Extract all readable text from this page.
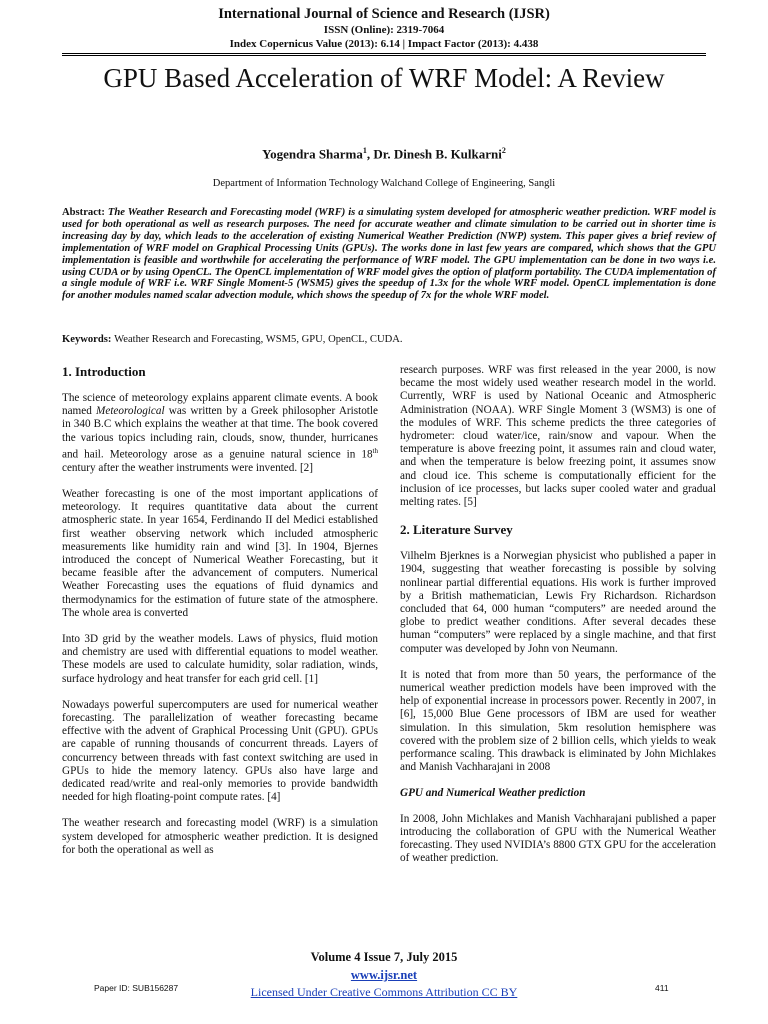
International Journal of Science and Research (IJSR)
ISSN (Online): 2319-7064
Index Copernicus Value (2013): 6.14 | Impact Factor (2013): 4.438
GPU Based Acceleration of WRF Model: A Review
Yogendra Sharma$^1$, Dr. Dinesh B. Kulkarni$^2$
Department of Information Technology Walchand College of Engineering, Sangli
Abstract: The Weather Research and Forecasting model (WRF) is a simulating system developed for atmospheric weather prediction. WRF model is used for both operational as well as research purposes. The need for accurate weather and climate simulation to be carried out in shorter time is increasing day by day, which leads to the acceleration of existing Numerical Weather Prediction (NWP) system. This paper gives a brief review of implementation of WRF model on Graphical Processing Units (GPUs). The works done in last few years are compared, which shows that the GPU implementation is feasible and worthwhile for accelerating the performance of WRF model. The GPU implementation can be done in two ways i.e. using CUDA or by using OpenCL. The OpenCL implementation of WRF model gives the option of platform portability. The CUDA implementation of a single module of WRF i.e. WRF Single Moment-5 (WSM5) gives the speedup of 1.3x for the whole WRF model. OpenCL implementation is done for another modules named scalar advection module, which shows the speedup of 7x for the whole WRF model.
Keywords: Weather Research and Forecasting, WSM5, GPU, OpenCL, CUDA.
1. Introduction

The science of meteorology explains apparent climate events. A book named Meteorological was written by a Greek philosopher Aristotle in 340 B.C which explains the weather at that time. The book covered the various topics including rain, clouds, snow, thunder, hurricanes and hail. Meteorology arose as a genuine natural science in 18th century after the weather instruments were invented. [2]

Weather forecasting is one of the most important applications of meteorology. It requires quantitative data about the current atmospheric state. In year 1654, Ferdinando II del Medici established first weather observing network which included atmospheric measurements like humidity rain and wind [3]. In 1904, Bjernes introduced the concept of Numerical Weather Forecasting, but it became feasible after the advancement of computers. Numerical Weather Forecasting uses the equations of fluid dynamics and thermodynamics for the estimation of future state of the atmosphere. The whole area is converted

Into 3D grid by the weather models. Laws of physics, fluid motion and chemistry are used with differential equations to model weather. These models are used to calculate humidity, solar radiation, winds, surface hydrology and heat transfer for each grid cell. [1]

Nowadays powerful supercomputers are used for numerical weather forecasting. The parallelization of weather forecasting became effective with the advent of Graphical Processing Unit (GPU). GPUs are capable of running thousands of concurrent threads. Layers of concurrency between threads with fast context switching are used in GPUs to hide the memory latency. GPUs also have large and dedicated read/write and real-only memories to provide bandwidth needed for high floating-point compute rates. [4]

The weather research and forecasting model (WRF) is a simulation system developed for atmospheric weather prediction. It is designed for both the operational as well as

research purposes. WRF was first released in the year 2000, is now became the most widely used weather research model in the world. Currently, WRF is used by National Oceanic and Atmospheric Administration (NOAA). WRF Single Moment 3 (WSM3) is one of the modules of WRF. This scheme predicts the three categories of hydrometer: cloud water/ice, rain/snow and vapour. When the temperature is above freezing point, it assumes rain and cloud water, and when the temperature is below freezing point, it assumes snow and cloud ice. This scheme is computationally efficient for the inclusion of ice processes, but lacks super cooled water and gradual melting rates. [5]

2. Literature Survey

Vilhelm Bjerknes is a Norwegian physicist who published a paper in 1904, suggesting that weather forecasting is possible by solving nonlinear partial differential equations. His work is further improved by a British mathematician, Lewis Fry Richardson. Richardson concluded that 64, 000 human “computers” are needed around the globe to predict weather conditions. After several decades these human “computers” were replaced by a single machine, and that first computer was developed by John von Neumann.

It is noted that from more than 50 years, the performance of the numerical weather prediction models have been improved with the help of exponential increase in processors power. Recently in 2007, in [6], 15,000 Blue Gene processors of IBM are used for weather simulation. In this simulation, 5km resolution hemisphere was covered with the problem size of 2 billion cells, which yields to weak performance scaling. This drawback is eliminated by John Michlakes and Manish Vachharajani in 2008

GPU and Numerical Weather prediction

In 2008, John Michlakes and Manish Vachharajani published a paper introducing the collaboration of GPU with the Numerical Weather forecasting. They used NVIDIA’s 8800 GTX GPU for the acceleration of weather prediction.

Volume 4 Issue 7, July 2015
www.ijsr.net
Licensed Under Creative Commons Attribution CC BY
Paper ID: SUB156287	411
